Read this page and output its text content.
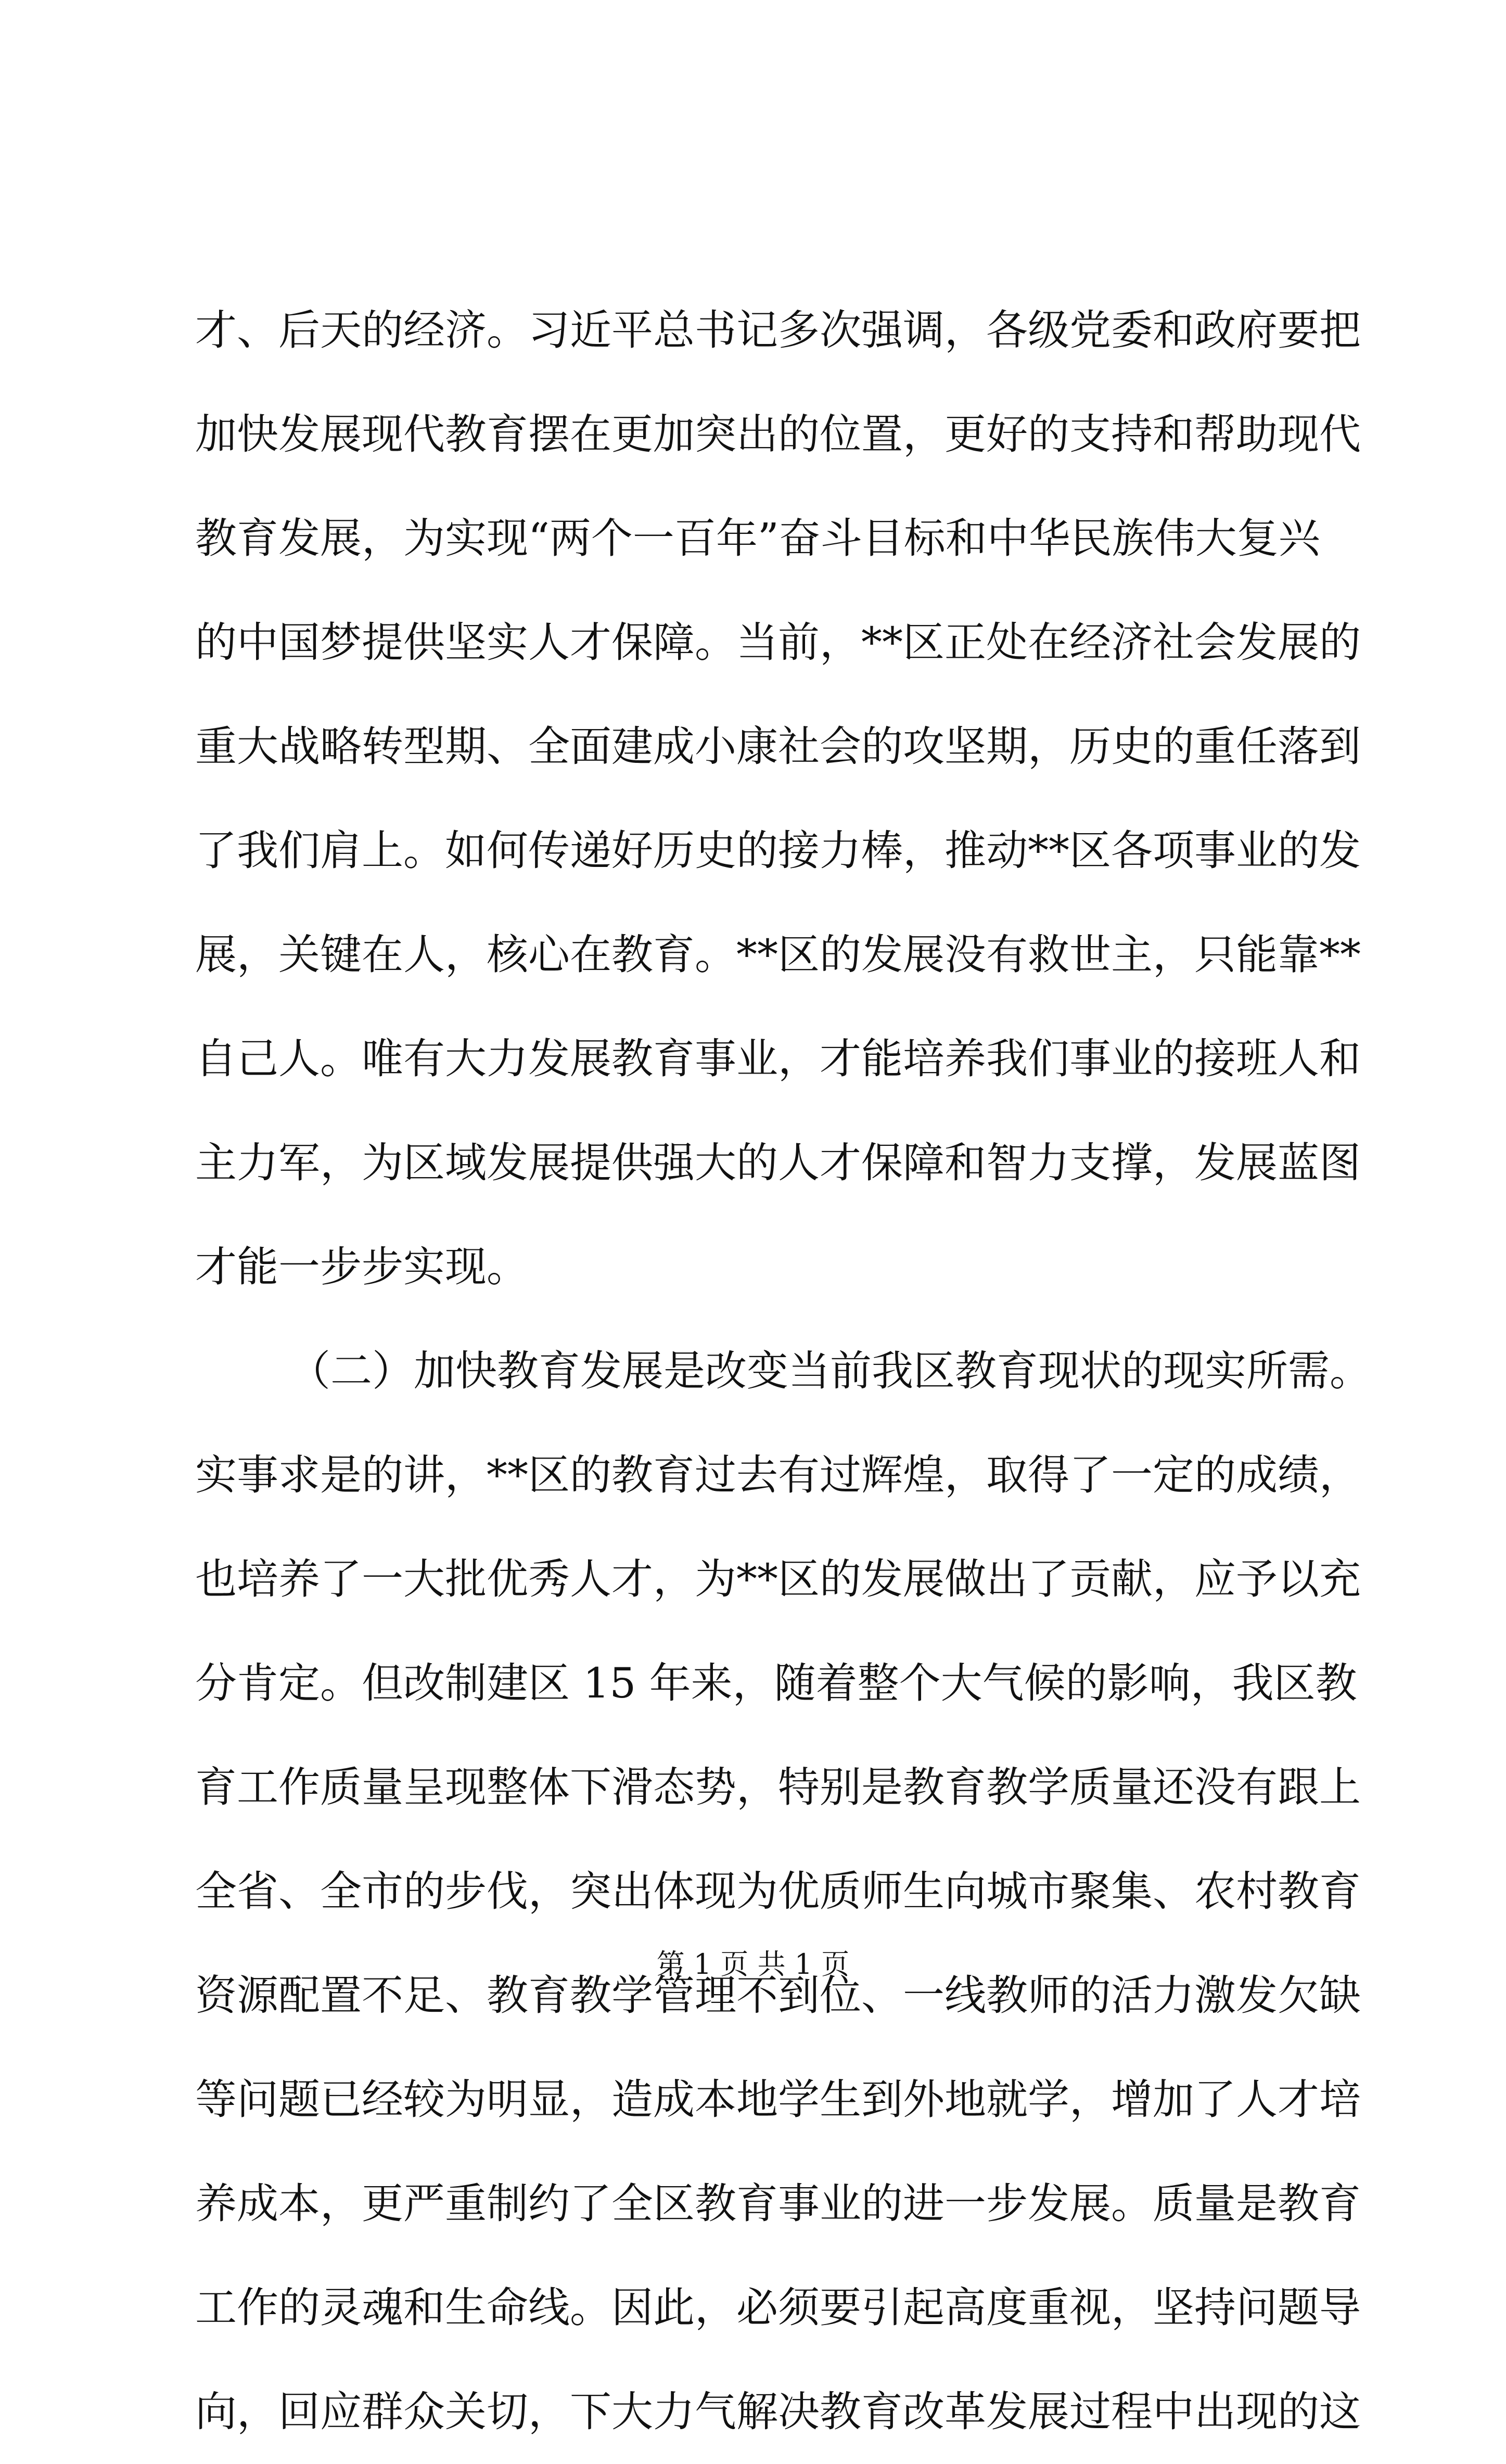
才、后天的经济。习近平总书记多次强调，各级党委和政府要把
加快发展现代教育摆在更加突出的位置，更好的支持和帮助现代
教育发展，为实现“两个一百年”奋斗目标和中华民族伟大复兴
的中国梦提供坚实人才保障。当前，**区正处在经济社会发展的
重大战略转型期、全面建成小康社会的攻坚期，历史的重任落到
了我们肩上。如何传递好历史的接力棒，推动**区各项事业的发
展，关键在人，核心在教育。**区的发展没有救世主，只能靠**
自己人。唯有大力发展教育事业，才能培养我们事业的接班人和
主力军，为区域发展提供强大的人才保障和智力支撑，发展蓝图
才能一步步实现。
（二）加快教育发展是改变当前我区教育现状的现实所需。
实事求是的讲，**区的教育过去有过辉煌，取得了一定的成绩，
也培养了一大批优秀人才，为**区的发展做出了贡献，应予以充
分肯定。但改制建区 15 年来，随着整个大气候的影响，我区教
育工作质量呈现整体下滑态势，特别是教育教学质量还没有跟上
全省、全市的步伐，突出体现为优质师生向城市聚集、农村教育
资源配置不足、教育教学管理不到位、一线教师的活力激发欠缺
等问题已经较为明显，造成本地学生到外地就学，增加了人才培
养成本，更严重制约了全区教育事业的进一步发展。质量是教育
工作的灵魂和生命线。因此，必须要引起高度重视，坚持问题导
向，回应群众关切，下大力气解决教育改革发展过程中出现的这
第 1 页 共 1 页
